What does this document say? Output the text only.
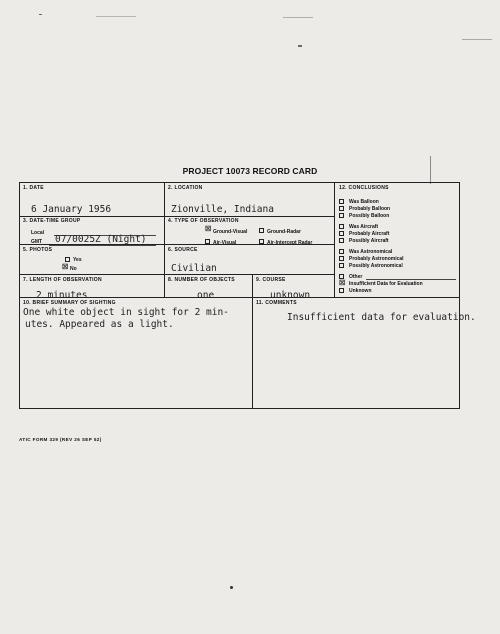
PROJECT 10073 RECORD CARD
1. DATE
6 January 1956
2. LOCATION
Zionville, Indiana
3. DATE-TIME GROUP
Local
GMT 07/0025Z (Night)
4. TYPE OF OBSERVATION
☒ Ground-Visual	Ground-Radar
Air-Visual	Air-Intercept Radar
5. PHOTOS
Yes
☒ No
6. SOURCE
Civilian
7. LENGTH OF OBSERVATION
2 minutes
8. NUMBER OF OBJECTS
one
9. COURSE
unknown
10. BRIEF SUMMARY OF SIGHTING
One white object in sight for 2 min-
utes. Appeared as a light.
11. COMMENTS
Insufficient data for evaluation.
12. CONCLUSIONS
Was Balloon
Probably Balloon
Possibly Balloon
Was Aircraft
Probably Aircraft
Possibly Aircraft
Was Astronomical
Probably Astronomical
Possibly Astronomical
Other
☒ Insufficient Data for Evaluation
Unknown
ATIC FORM 329 (REV 26 SEP 52)
